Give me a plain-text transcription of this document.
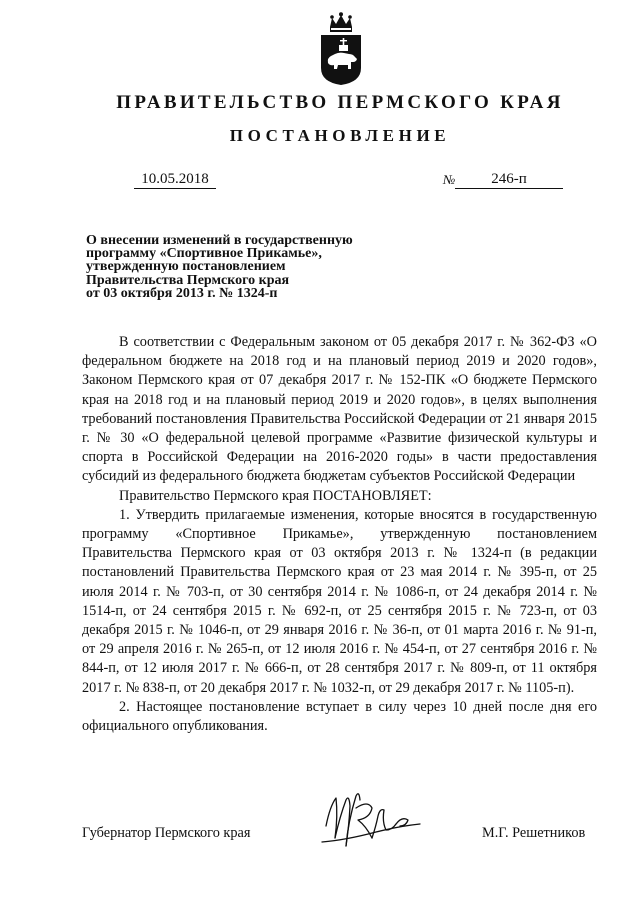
ПРАВИТЕЛЬСТВО ПЕРМСКОГО КРАЯ
ПОСТАНОВЛЕНИЕ
10.05.2018	№	246-п
О внесении изменений в государственную
программу «Спортивное Прикамье»,
утвержденную постановлением
Правительства Пермского края
от 03 октября 2013 г. № 1324-п

В соответствии с Федеральным законом от 05 декабря 2017 г. № 362-ФЗ «О федеральном бюджете на 2018 год и на плановый период 2019 и 2020 годов», Законом Пермского края от 07 декабря 2017 г. № 152-ПК «О бюджете Пермского края на 2018 год и на плановый период 2019 и 2020 годов», в целях выполнения требований постановления Правительства Российской Федерации от 21 января 2015 г. № 30 «О федеральной целевой программе «Развитие физической культуры и спорта в Российской Федерации на 2016-2020 годы» в части предоставления субсидий из федерального бюджета бюджетам субъектов Российской Федерации

Правительство Пермского края ПОСТАНОВЛЯЕТ:

1. Утвердить прилагаемые изменения, которые вносятся в государственную программу «Спортивное Прикамье», утвержденную постановлением Правительства Пермского края от 03 октября 2013 г. № 1324-п (в редакции постановлений Правительства Пермского края от 23 мая 2014 г. № 395-п, от 25 июля 2014 г. № 703-п, от 30 сентября 2014 г. № 1086-п, от 24 декабря 2014 г. № 1514-п, от 24 сентября 2015 г. № 692-п, от 25 сентября 2015 г. № 723-п, от 03 декабря 2015 г. № 1046-п, от 29 января 2016 г. № 36-п, от 01 марта 2016 г. № 91-п, от 29 апреля 2016 г. № 265-п, от 12 июля 2016 г. № 454-п, от 27 сентября 2016 г. № 844-п, от 12 июля 2017 г. № 666-п, от 28 сентября 2017 г. № 809-п, от 11 октября 2017 г. № 838-п, от 20 декабря 2017 г. № 1032-п, от 29 декабря 2017 г. № 1105-п).

2. Настоящее постановление вступает в силу через 10 дней после дня его официального опубликования.

Губернатор Пермского края	М.Г. Решетников
